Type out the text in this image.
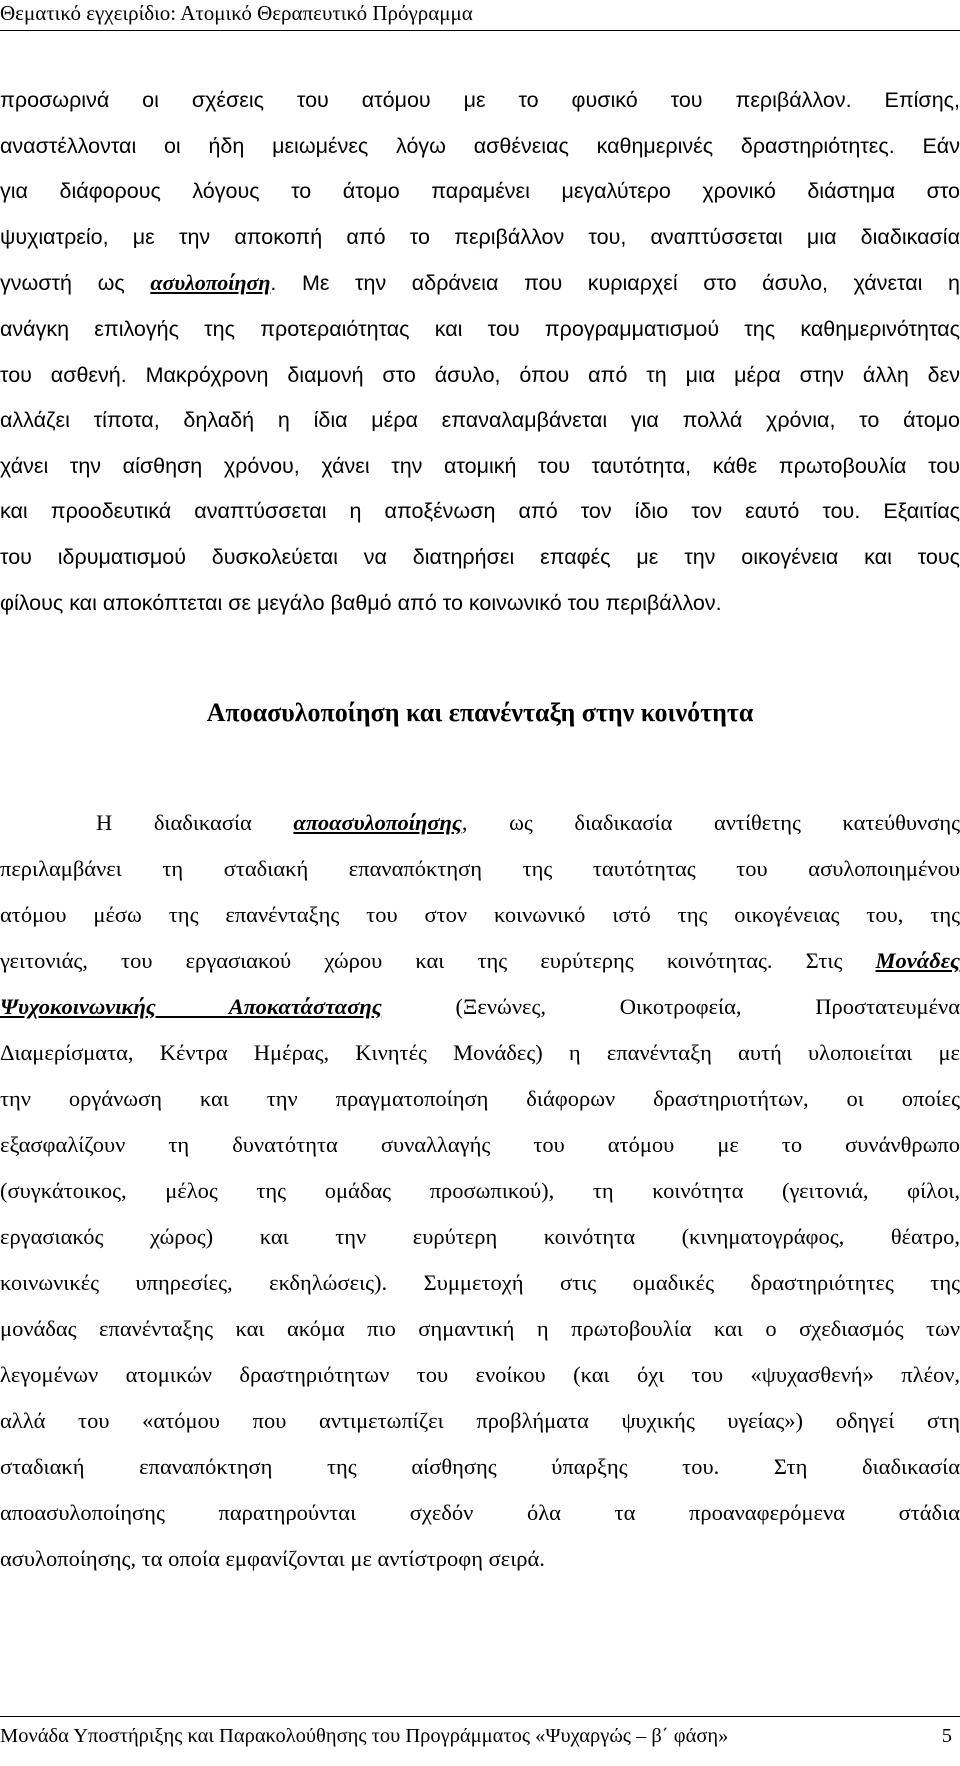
Θεματικό εγχειρίδιο: Ατομικό Θεραπευτικό Πρόγραμμα
προσωρινά οι σχέσεις του ατόμου με το φυσικό του περιβάλλον. Επίσης,
αναστέλλονται οι ήδη μειωμένες λόγω ασθένειας καθημερινές δραστηριότητες. Εάν
για διάφορους λόγους το άτομο παραμένει μεγαλύτερο χρονικό διάστημα στο
ψυχιατρείο, με την αποκοπή από το περιβάλλον του, αναπτύσσεται μια διαδικασία
γνωστή ως ασυλοποίηση. Με την αδράνεια που κυριαρχεί στο άσυλο, χάνεται η
ανάγκη επιλογής της προτεραιότητας και του προγραμματισμού της καθημερινότητας
του ασθενή. Μακρόχρονη διαμονή στο άσυλο, όπου από τη μια μέρα στην άλλη δεν
αλλάζει τίποτα, δηλαδή η ίδια μέρα επαναλαμβάνεται για πολλά χρόνια, το άτομο
χάνει την αίσθηση χρόνου, χάνει την ατομική του ταυτότητα, κάθε πρωτοβουλία του
και προοδευτικά αναπτύσσεται η αποξένωση από τον ίδιο τον εαυτό του. Εξαιτίας
του ιδρυματισμού δυσκολεύεται να διατηρήσει επαφές με την οικογένεια και τους
φίλους και αποκόπτεται σε μεγάλο βαθμό από το κοινωνικό του περιβάλλον.
Αποασυλοποίηση και επανένταξη στην κοινότητα
Η διαδικασία αποασυλοποίησης, ως διαδικασία αντίθετης κατεύθυνσης
περιλαμβάνει τη σταδιακή επαναπόκτηση της ταυτότητας του ασυλοποιημένου
ατόμου μέσω της επανένταξης του στον κοινωνικό ιστό της οικογένειας του, της
γειτονιάς, του εργασιακού χώρου και της ευρύτερης κοινότητας. Στις Μονάδες
Ψυχοκοινωνικής Αποκατάστασης (Ξενώνες, Οικοτροφεία, Προστατευμένα
Διαμερίσματα, Κέντρα Ημέρας, Κινητές Μονάδες) η επανένταξη αυτή υλοποιείται με
την οργάνωση και την πραγματοποίηση διάφορων δραστηριοτήτων, οι οποίες
εξασφαλίζουν τη δυνατότητα συναλλαγής του ατόμου με το συνάνθρωπο
(συγκάτοικος, μέλος της ομάδας προσωπικού), τη κοινότητα (γειτονιά, φίλοι,
εργασιακός χώρος) και την ευρύτερη κοινότητα (κινηματογράφος, θέατρο,
κοινωνικές υπηρεσίες, εκδηλώσεις). Συμμετοχή στις ομαδικές δραστηριότητες της
μονάδας επανένταξης και ακόμα πιο σημαντική η πρωτοβουλία και ο σχεδιασμός των
λεγομένων ατομικών δραστηριότητων του ενοίκου (και όχι του «ψυχασθενή» πλέον,
αλλά του «ατόμου που αντιμετωπίζει προβλήματα ψυχικής υγείας») οδηγεί στη
σταδιακή επαναπόκτηση της αίσθησης ύπαρξης του. Στη διαδικασία
αποασυλοποίησης παρατηρούνται σχεδόν όλα τα προαναφερόμενα στάδια
ασυλοποίησης, τα οποία εμφανίζονται με αντίστροφη σειρά.
Μονάδα Υποστήριξης και Παρακολούθησης του Προγράμματος «Ψυχαργώς – β΄ φάση»	5
